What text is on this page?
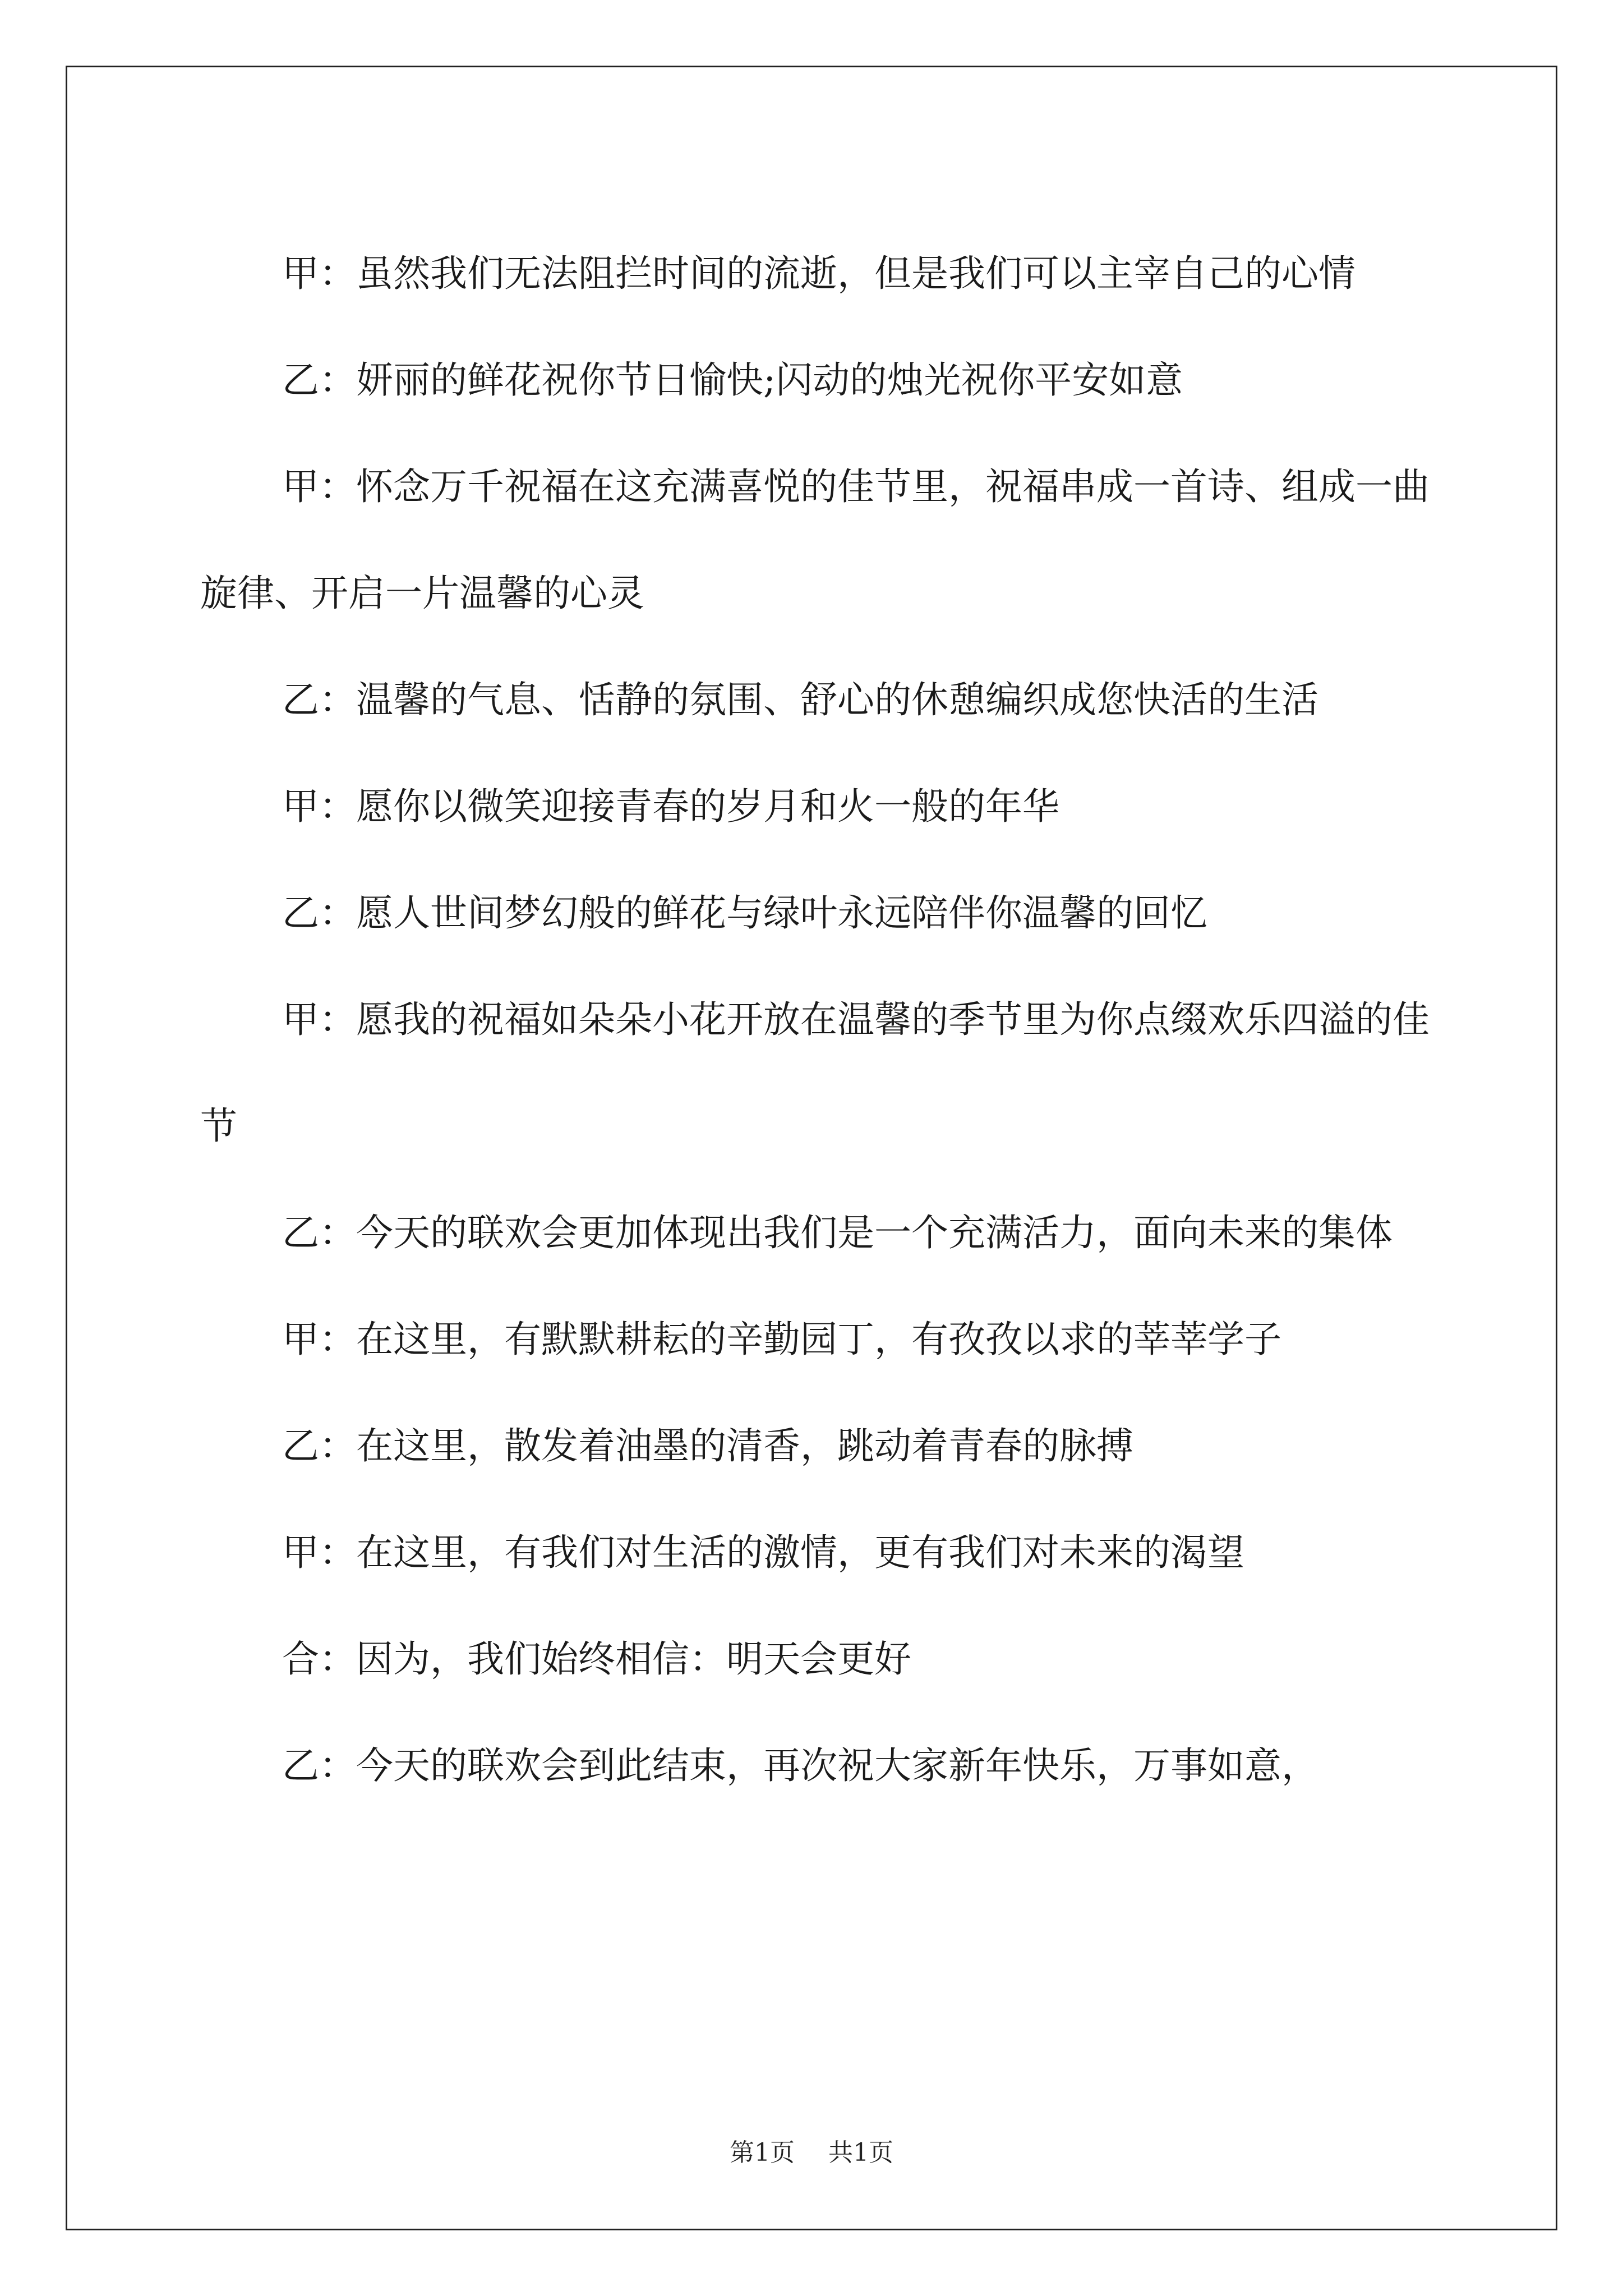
甲：虽然我们无法阻拦时间的流逝，但是我们可以主宰自己的心情

乙：妍丽的鲜花祝你节日愉快;闪动的烛光祝你平安如意

甲：怀念万千祝福在这充满喜悦的佳节里，祝福串成一首诗、组成一曲旋律、开启一片温馨的心灵

乙：温馨的气息、恬静的氛围、舒心的休憩编织成您快活的生活

甲：愿你以微笑迎接青春的岁月和火一般的年华

乙：愿人世间梦幻般的鲜花与绿叶永远陪伴你温馨的回忆

甲：愿我的祝福如朵朵小花开放在温馨的季节里为你点缀欢乐四溢的佳节

乙：今天的联欢会更加体现出我们是一个充满活力，面向未来的集体

甲：在这里，有默默耕耘的辛勤园丁，有孜孜以求的莘莘学子

乙：在这里，散发着油墨的清香，跳动着青春的脉搏

甲：在这里，有我们对生活的激情，更有我们对未来的渴望

合：因为，我们始终相信：明天会更好

乙：今天的联欢会到此结束，再次祝大家新年快乐，万事如意，

第1页 共1页
